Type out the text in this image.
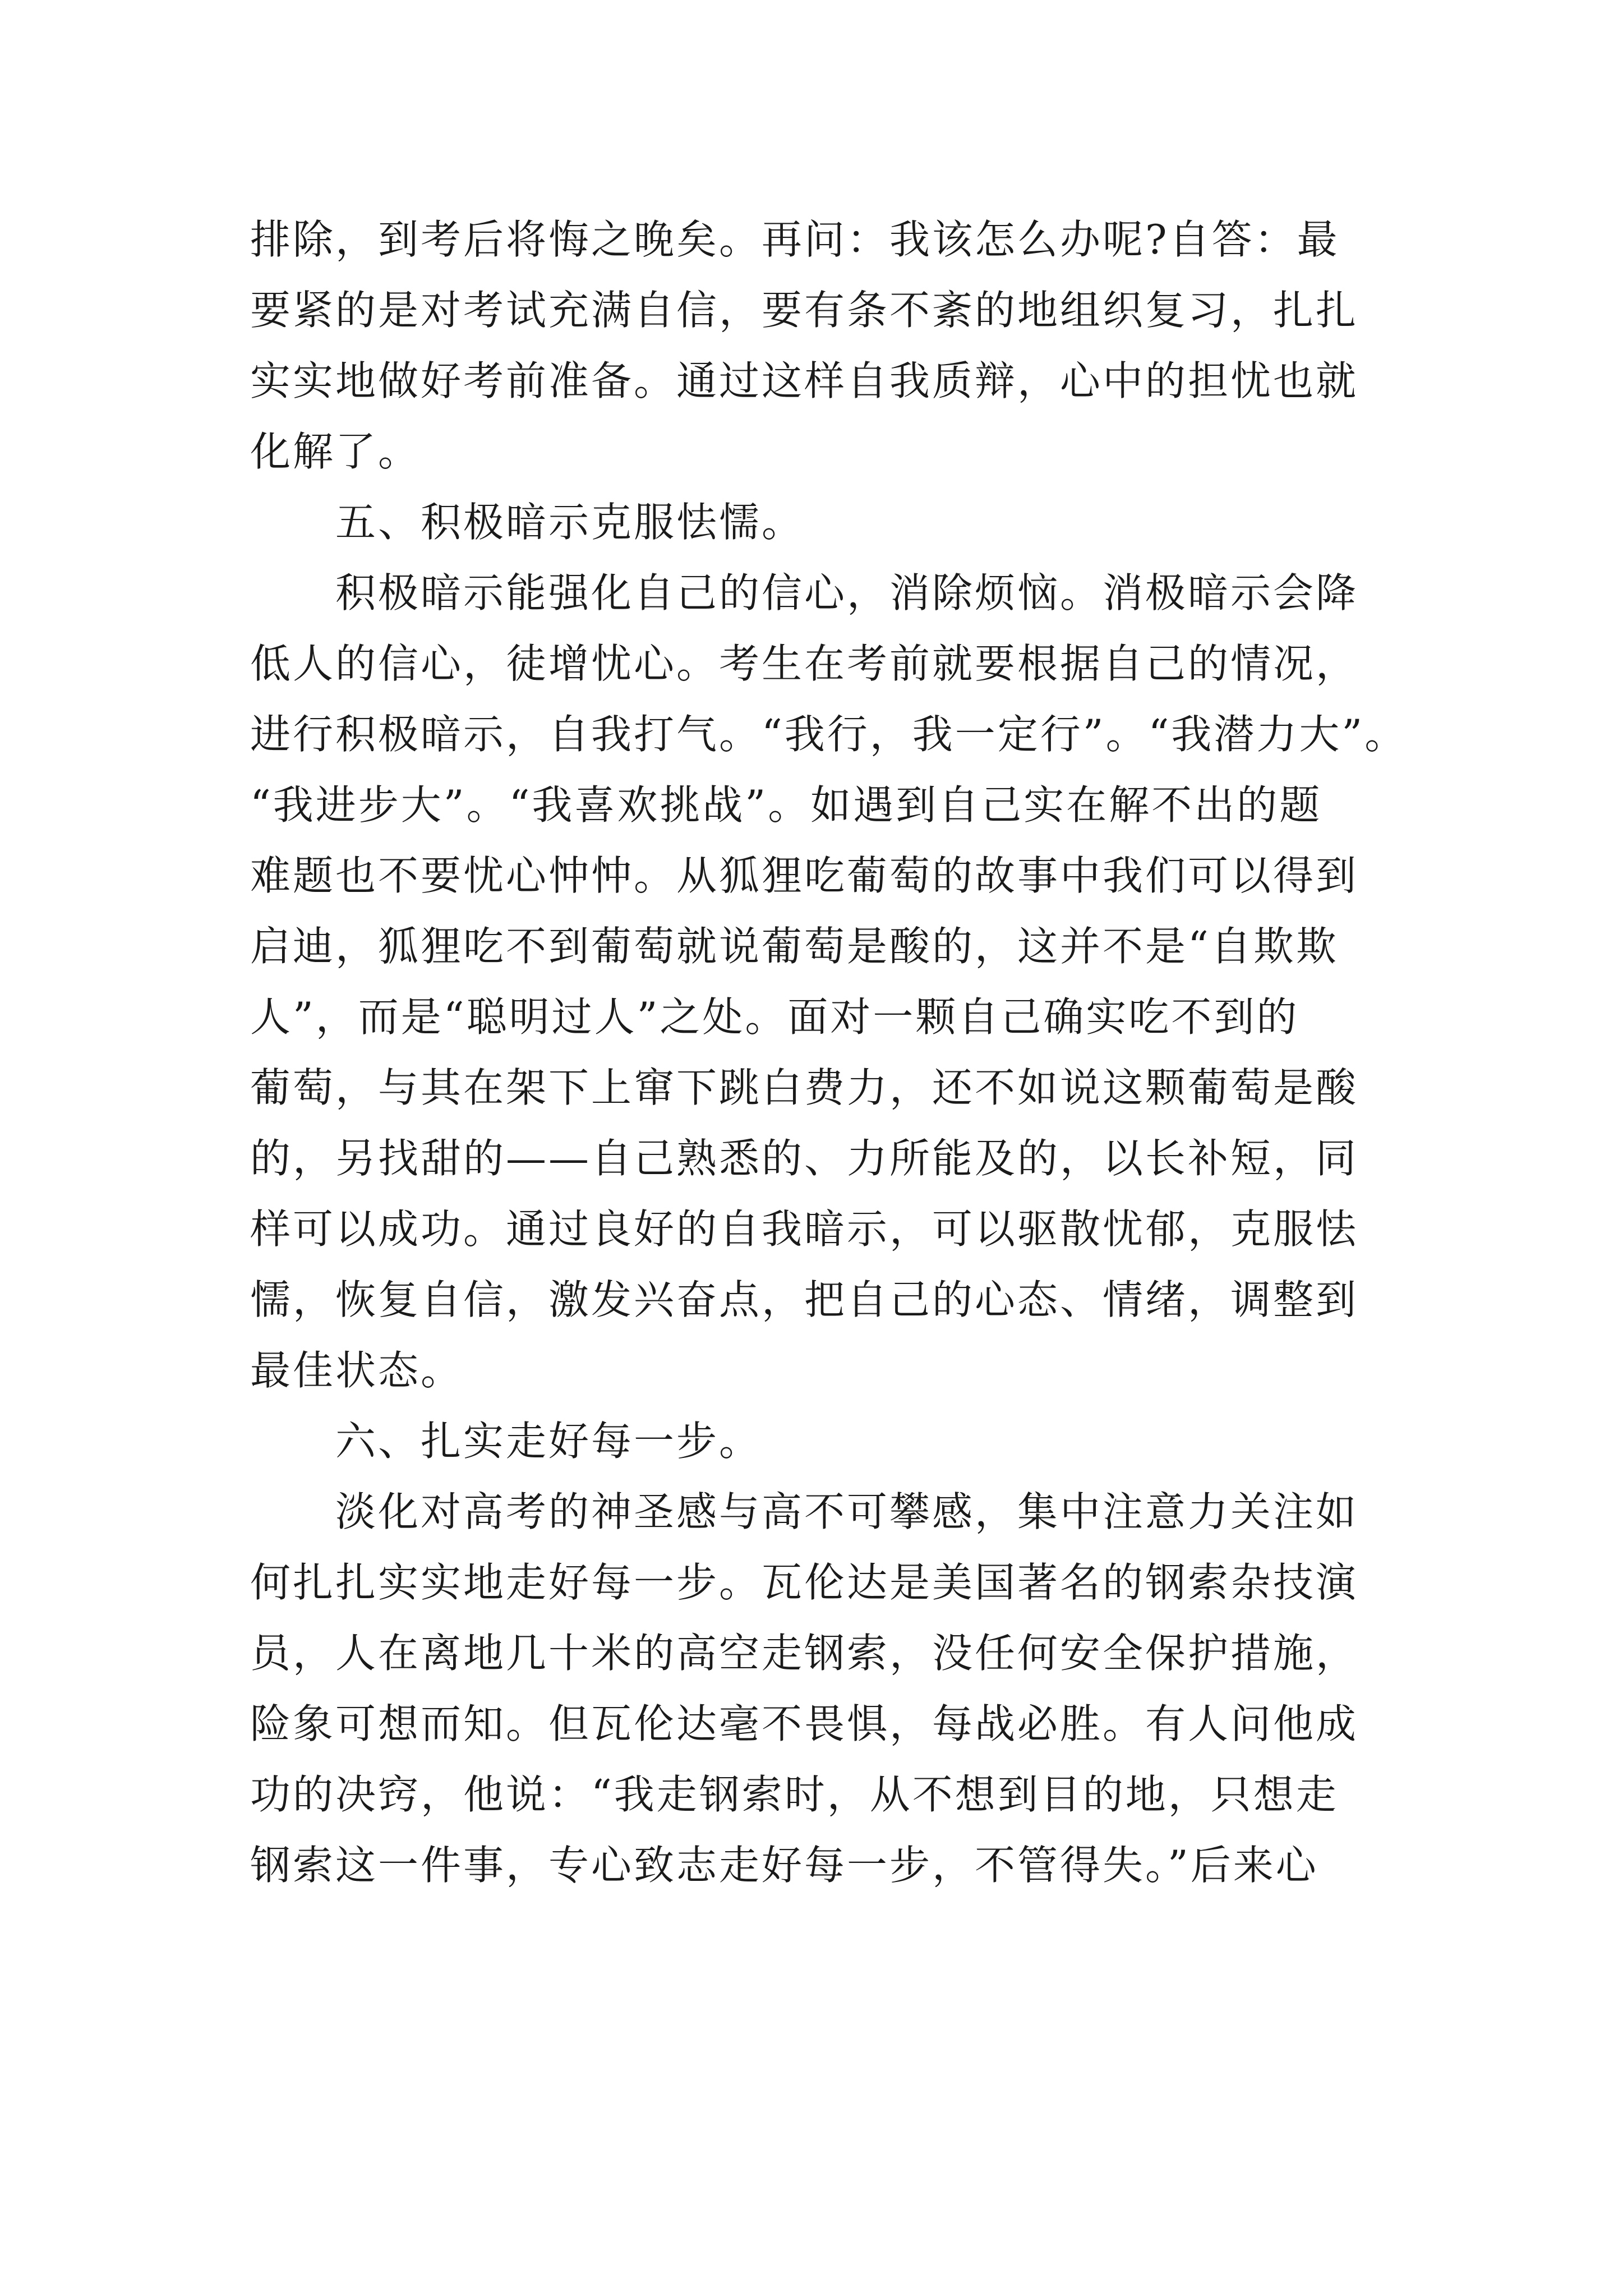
排除，到考后将悔之晚矣。再问：我该怎么办呢?自答：最
要紧的是对考试充满自信，要有条不紊的地组织复习，扎扎
实实地做好考前准备。通过这样自我质辩，心中的担忧也就
化解了。
五、积极暗示克服怯懦。
积极暗示能强化自己的信心，消除烦恼。消极暗示会降
低人的信心，徒增忧心。考生在考前就要根据自己的情况，
进行积极暗示，自我打气。“我行，我一定行”。“我潜力大”。
“我进步大”。“我喜欢挑战”。如遇到自己实在解不出的题
难题也不要忧心忡忡。从狐狸吃葡萄的故事中我们可以得到
启迪，狐狸吃不到葡萄就说葡萄是酸的，这并不是“自欺欺
人”，而是“聪明过人”之处。面对一颗自己确实吃不到的
葡萄，与其在架下上窜下跳白费力，还不如说这颗葡萄是酸
的，另找甜的——自己熟悉的、力所能及的，以长补短，同
样可以成功。通过良好的自我暗示，可以驱散忧郁，克服怯
懦，恢复自信，激发兴奋点，把自己的心态、情绪，调整到
最佳状态。
六、扎实走好每一步。
淡化对高考的神圣感与高不可攀感，集中注意力关注如
何扎扎实实地走好每一步。瓦伦达是美国著名的钢索杂技演
员，人在离地几十米的高空走钢索，没任何安全保护措施，
险象可想而知。但瓦伦达毫不畏惧，每战必胜。有人问他成
功的决窍，他说：“我走钢索时，从不想到目的地，只想走
钢索这一件事，专心致志走好每一步，不管得失。”后来心
